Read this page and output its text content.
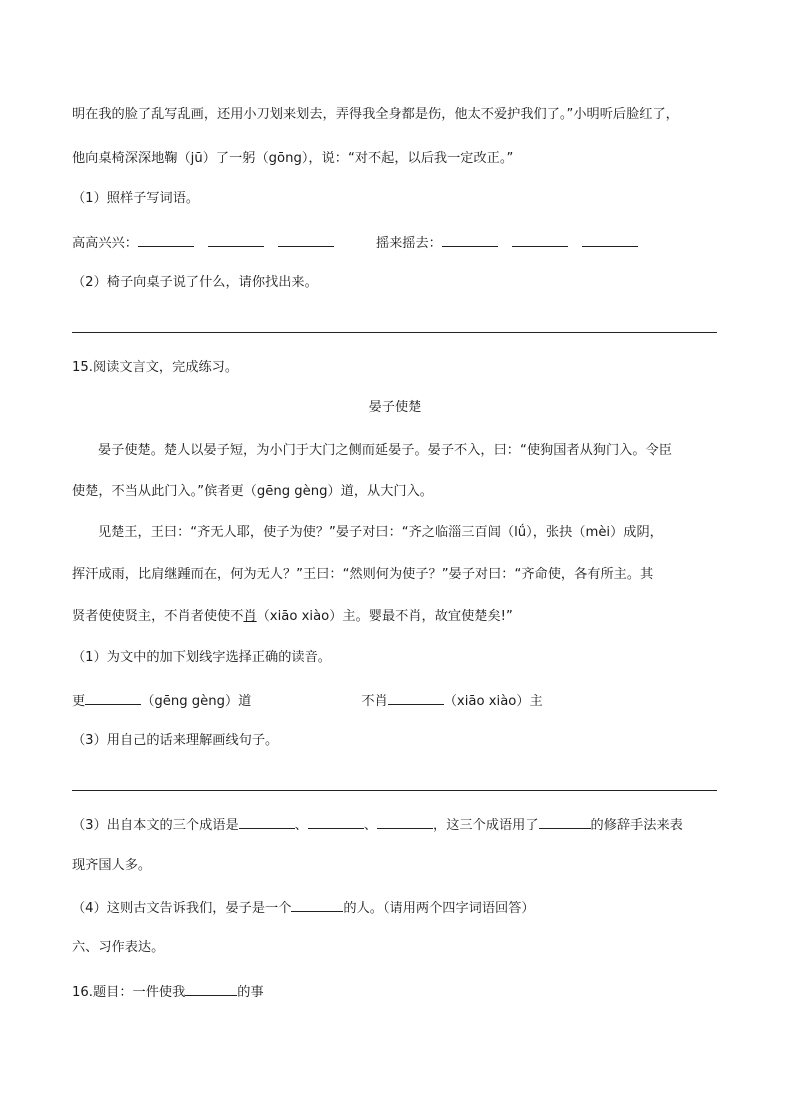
明在我的脸了乱写乱画，还用小刀划来划去，弄得我全身都是伤，他太不爱护我们了。”小明听后脸红了，
他向桌椅深深地鞠（jū）了一躬（gōng），说：“对不起，以后我一定改正。”
（1）照样子写词语。
高高兴兴：	摇来摇去：
（2）椅子向桌子说了什么，请你找出来。
15.阅读文言文，完成练习。
晏子使楚
晏子使楚。楚人以晏子短，为小门于大门之侧而延晏子。晏子不入，曰：“使狗国者从狗门入。令臣
使楚，不当从此门入。”傧者更（gēng gèng）道，从大门入。
见楚王，王曰：“齐无人耶，使子为使？”晏子对曰：“齐之临淄三百闾（lǘ），张抉（mèi）成阴，
挥汗成雨，比肩继踵而在，何为无人？”王曰：“然则何为使子？”晏子对曰：“齐命使，各有所主。其
贤者使使贤主，不肖者使使不肖（xiāo xiào）主。婴最不肖，故宜使楚矣!”
（1）为文中的加下划线字选择正确的读音。
更	（gēng gèng）道	不肖	（xiāo xiào）主
（3）用自己的话来理解画线句子。
（3）出自本文的三个成语是	、	、	，这三个成语用了	的修辞手法来表
现齐国人多。
（4）这则古文告诉我们，晏子是一个	的人。（请用两个四字词语回答）
六、习作表达。
16.题目：一件使我	的事
